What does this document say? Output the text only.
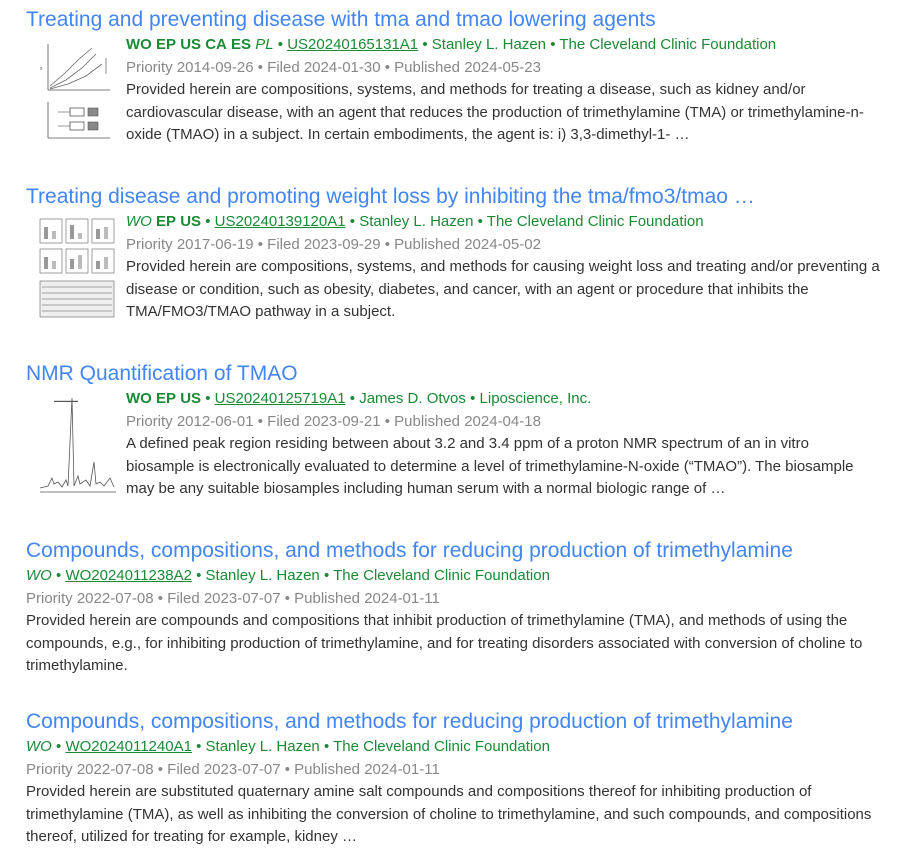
Treating and preventing disease with tma and tmao lowering agents
x
WO EP US CA ES PL • US20240165131A1 • Stanley L. Hazen • The Cleveland Clinic Foundation
Priority 2014-09-26 • Filed 2024-01-30 • Published 2024-05-23
Provided herein are compositions, systems, and methods for treating a disease, such as kidney and/or cardiovascular disease, with an agent that reduces the production of trimethylamine (TMA) or trimethylamine-n-oxide (TMAO) in a subject. In certain embodiments, the agent is: i) 3,3-dimethyl-1- …
Treating disease and promoting weight loss by inhibiting the tma/fmo3/tmao …
WO EP US • US20240139120A1 • Stanley L. Hazen • The Cleveland Clinic Foundation
Priority 2017-06-19 • Filed 2023-09-29 • Published 2024-05-02
Provided herein are compositions, systems, and methods for causing weight loss and treating and/or preventing a disease or condition, such as obesity, diabetes, and cancer, with an agent or procedure that inhibits the TMA/FMO3/TMAO pathway in a subject.
NMR Quantification of TMAO
▬▬▬▬▬▬	WO EP US • US20240125719A1 • James D. Otvos • Liposcience, Inc.
Priority 2012-06-01 • Filed 2023-09-21 • Published 2024-04-18
A defined peak region residing between about 3.2 and 3.4 ppm of a proton NMR spectrum of an in vitro biosample is electronically evaluated to determine a level of trimethylamine-N-oxide (“TMAO”). The biosample may be any suitable biosamples including human serum with a normal biologic range of …
Compounds, compositions, and methods for reducing production of trimethylamine
WO • WO2024011238A2 • Stanley L. Hazen • The Cleveland Clinic Foundation
Priority 2022-07-08 • Filed 2023-07-07 • Published 2024-01-11
Provided herein are compounds and compositions that inhibit production of trimethylamine (TMA), and methods of using the compounds, e.g., for inhibiting production of trimethylamine, and for treating disorders associated with conversion of choline to trimethylamine.
Compounds, compositions, and methods for reducing production of trimethylamine
WO • WO2024011240A1 • Stanley L. Hazen • The Cleveland Clinic Foundation
Priority 2022-07-08 • Filed 2023-07-07 • Published 2024-01-11
Provided herein are substituted quaternary amine salt compounds and compositions thereof for inhibiting production of trimethylamine (TMA), as well as inhibiting the conversion of choline to trimethylamine, and such compounds, and compositions thereof, utilized for treating for example, kidney …
